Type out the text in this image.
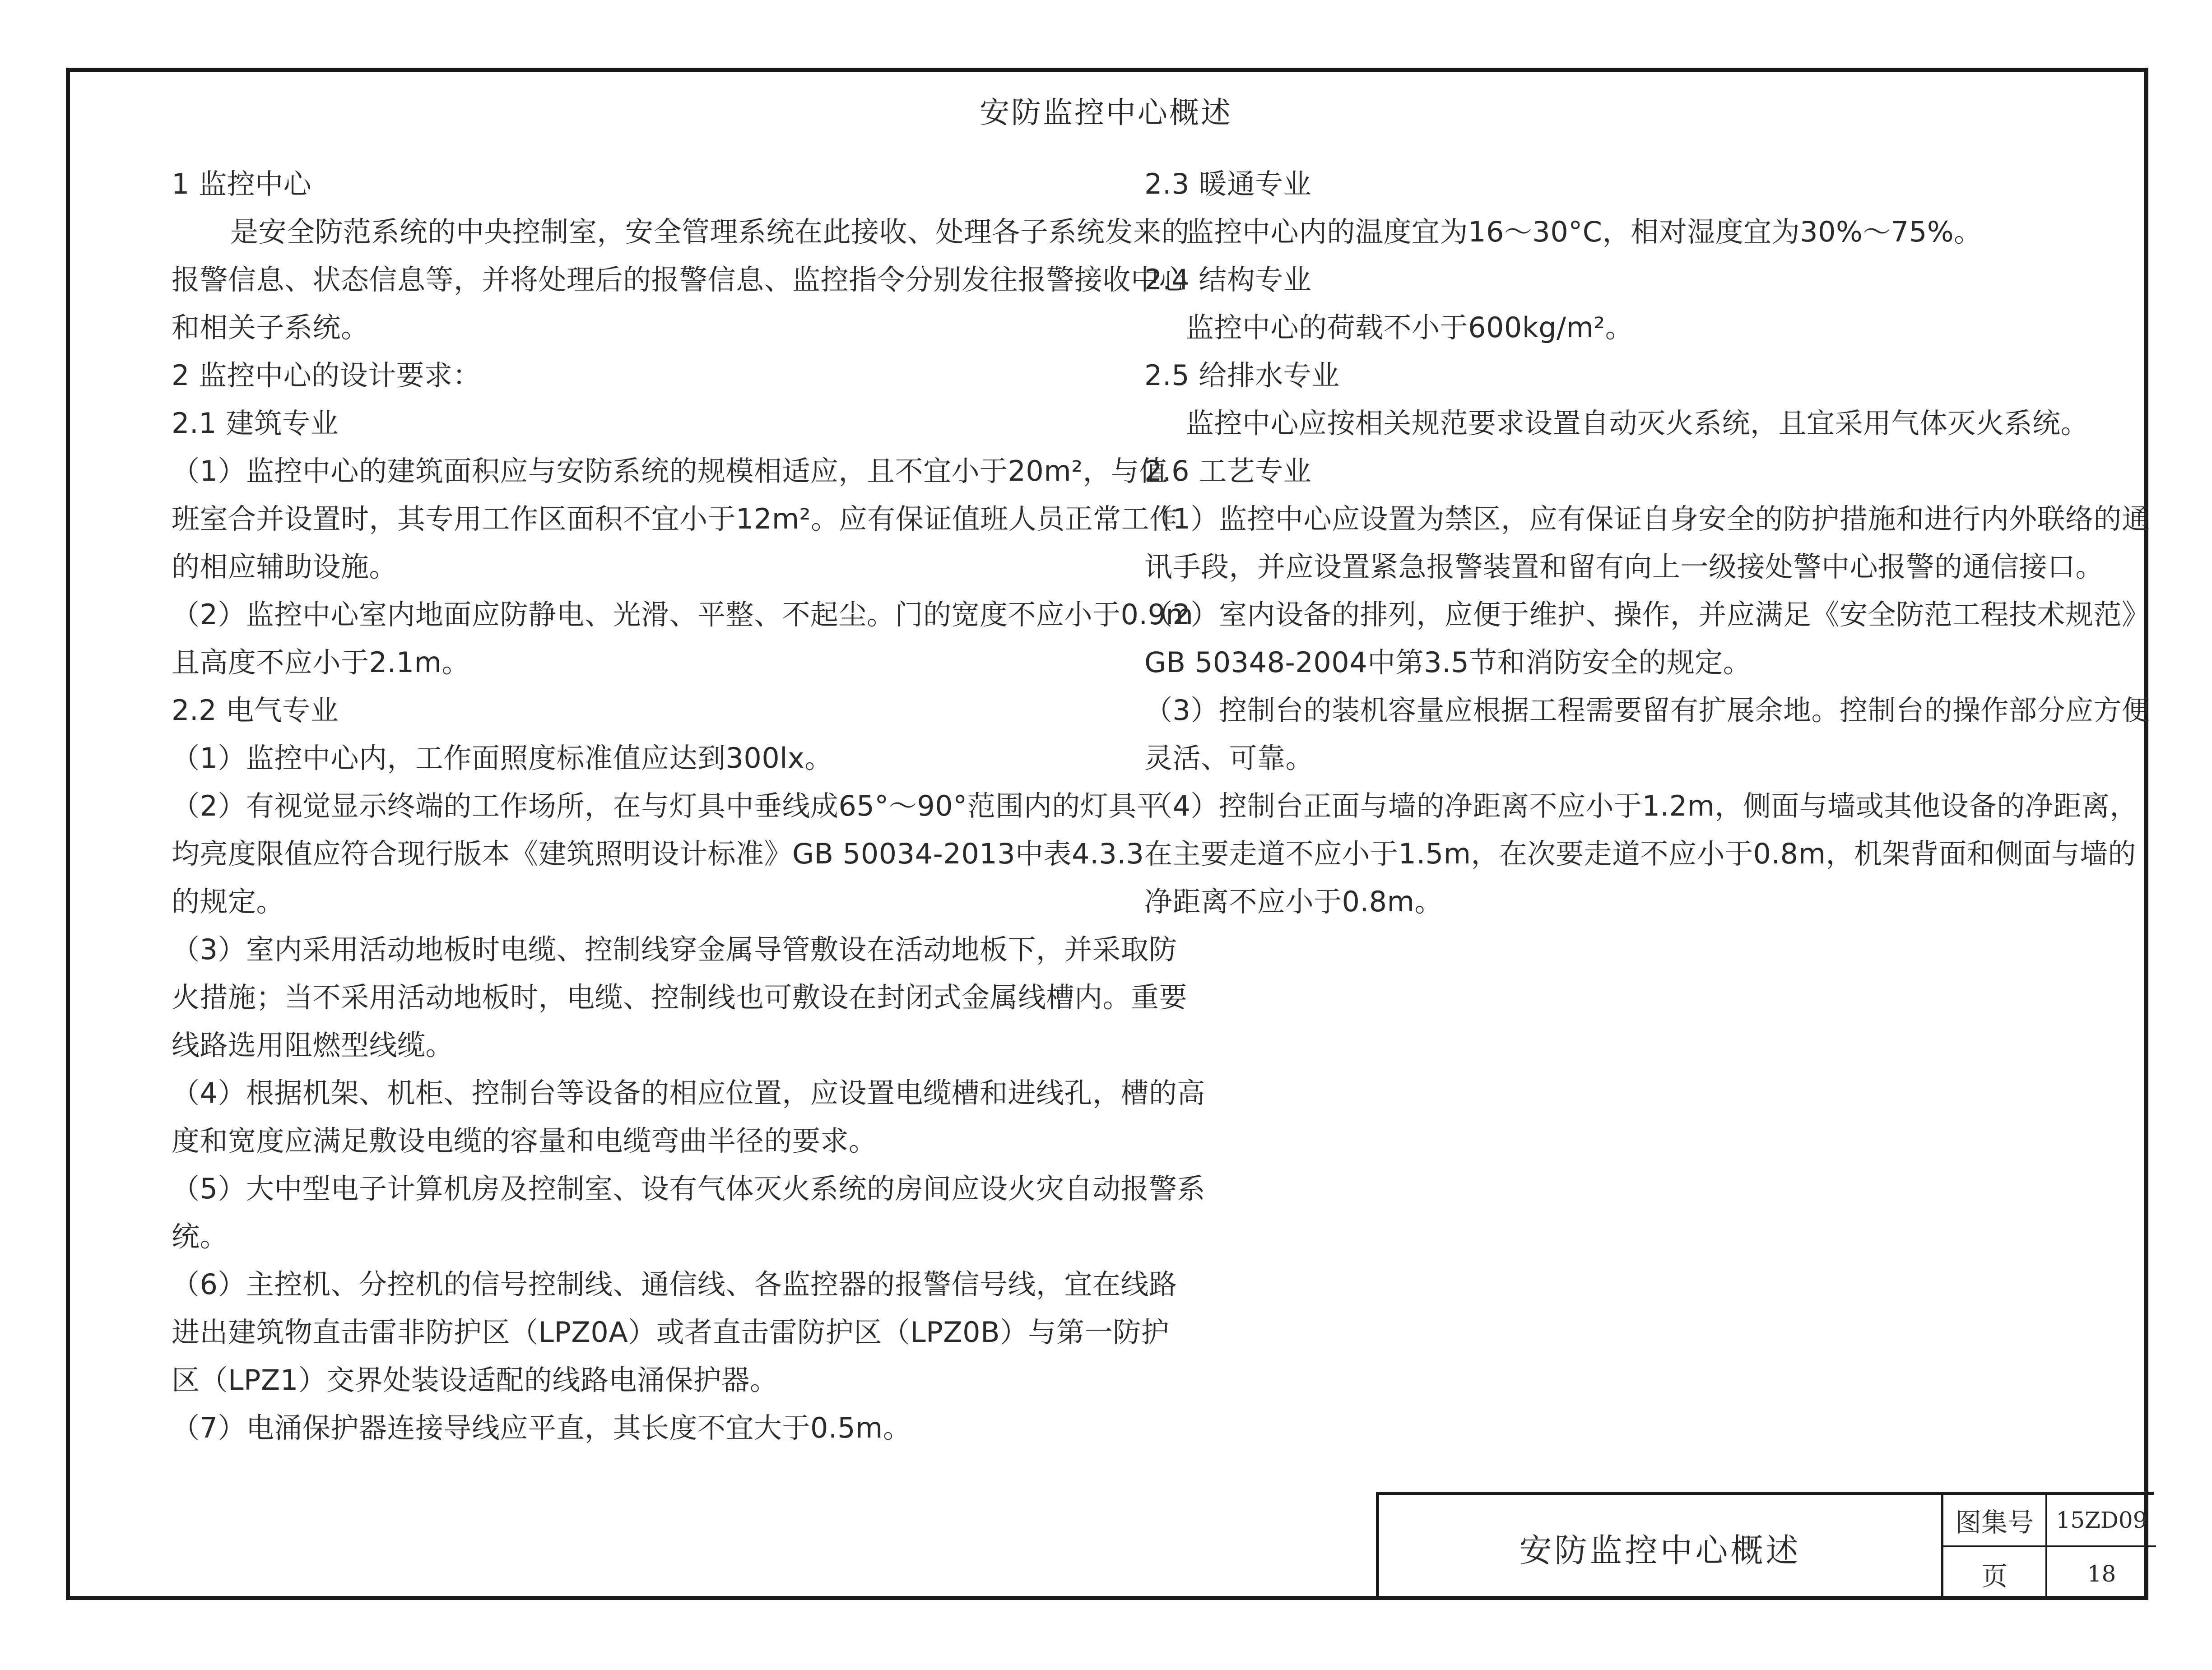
安防监控中心概述
1 监控中心
是安全防范系统的中央控制室，安全管理系统在此接收、处理各子系统发来的
报警信息、状态信息等，并将处理后的报警信息、监控指令分别发往报警接收中心
和相关子系统。
2 监控中心的设计要求：
2.1 建筑专业
（1）监控中心的建筑面积应与安防系统的规模相适应，且不宜小于20m²，与值
班室合并设置时，其专用工作区面积不宜小于12m²。应有保证值班人员正常工作
的相应辅助设施。
（2）监控中心室内地面应防静电、光滑、平整、不起尘。门的宽度不应小于0.9m
且高度不应小于2.1m。
2.2 电气专业
（1）监控中心内，工作面照度标准值应达到300lx。
（2）有视觉显示终端的工作场所，在与灯具中垂线成65°～90°范围内的灯具平
均亮度限值应符合现行版本《建筑照明设计标准》GB 50034-2013中表4.3.3
的规定。
（3）室内采用活动地板时电缆、控制线穿金属导管敷设在活动地板下，并采取防
火措施；当不采用活动地板时，电缆、控制线也可敷设在封闭式金属线槽内。重要
线路选用阻燃型线缆。
（4）根据机架、机柜、控制台等设备的相应位置，应设置电缆槽和进线孔，槽的高
度和宽度应满足敷设电缆的容量和电缆弯曲半径的要求。
（5）大中型电子计算机房及控制室、设有气体灭火系统的房间应设火灾自动报警系
统。
（6）主控机、分控机的信号控制线、通信线、各监控器的报警信号线，宜在线路
进出建筑物直击雷非防护区（LPZ0A）或者直击雷防护区（LPZ0B）与第一防护
区（LPZ1）交界处装设适配的线路电涌保护器。
（7）电涌保护器连接导线应平直，其长度不宜大于0.5m。
2.3 暖通专业
监控中心内的温度宜为16～30°C，相对湿度宜为30%～75%。
2.4 结构专业
监控中心的荷载不小于600kg/m²。
2.5 给排水专业
监控中心应按相关规范要求设置自动灭火系统，且宜采用气体灭火系统。
2.6 工艺专业
（1）监控中心应设置为禁区，应有保证自身安全的防护措施和进行内外联络的通
讯手段，并应设置紧急报警装置和留有向上一级接处警中心报警的通信接口。
（2）室内设备的排列，应便于维护、操作，并应满足《安全防范工程技术规范》
GB 50348-2004中第3.5节和消防安全的规定。
（3）控制台的装机容量应根据工程需要留有扩展余地。控制台的操作部分应方便
灵活、可靠。
（4）控制台正面与墙的净距离不应小于1.2m，侧面与墙或其他设备的净距离，
在主要走道不应小于1.5m，在次要走道不应小于0.8m，机架背面和侧面与墙的
净距离不应小于0.8m。
安防监控中心概述
图集号 15ZD09
页	18
